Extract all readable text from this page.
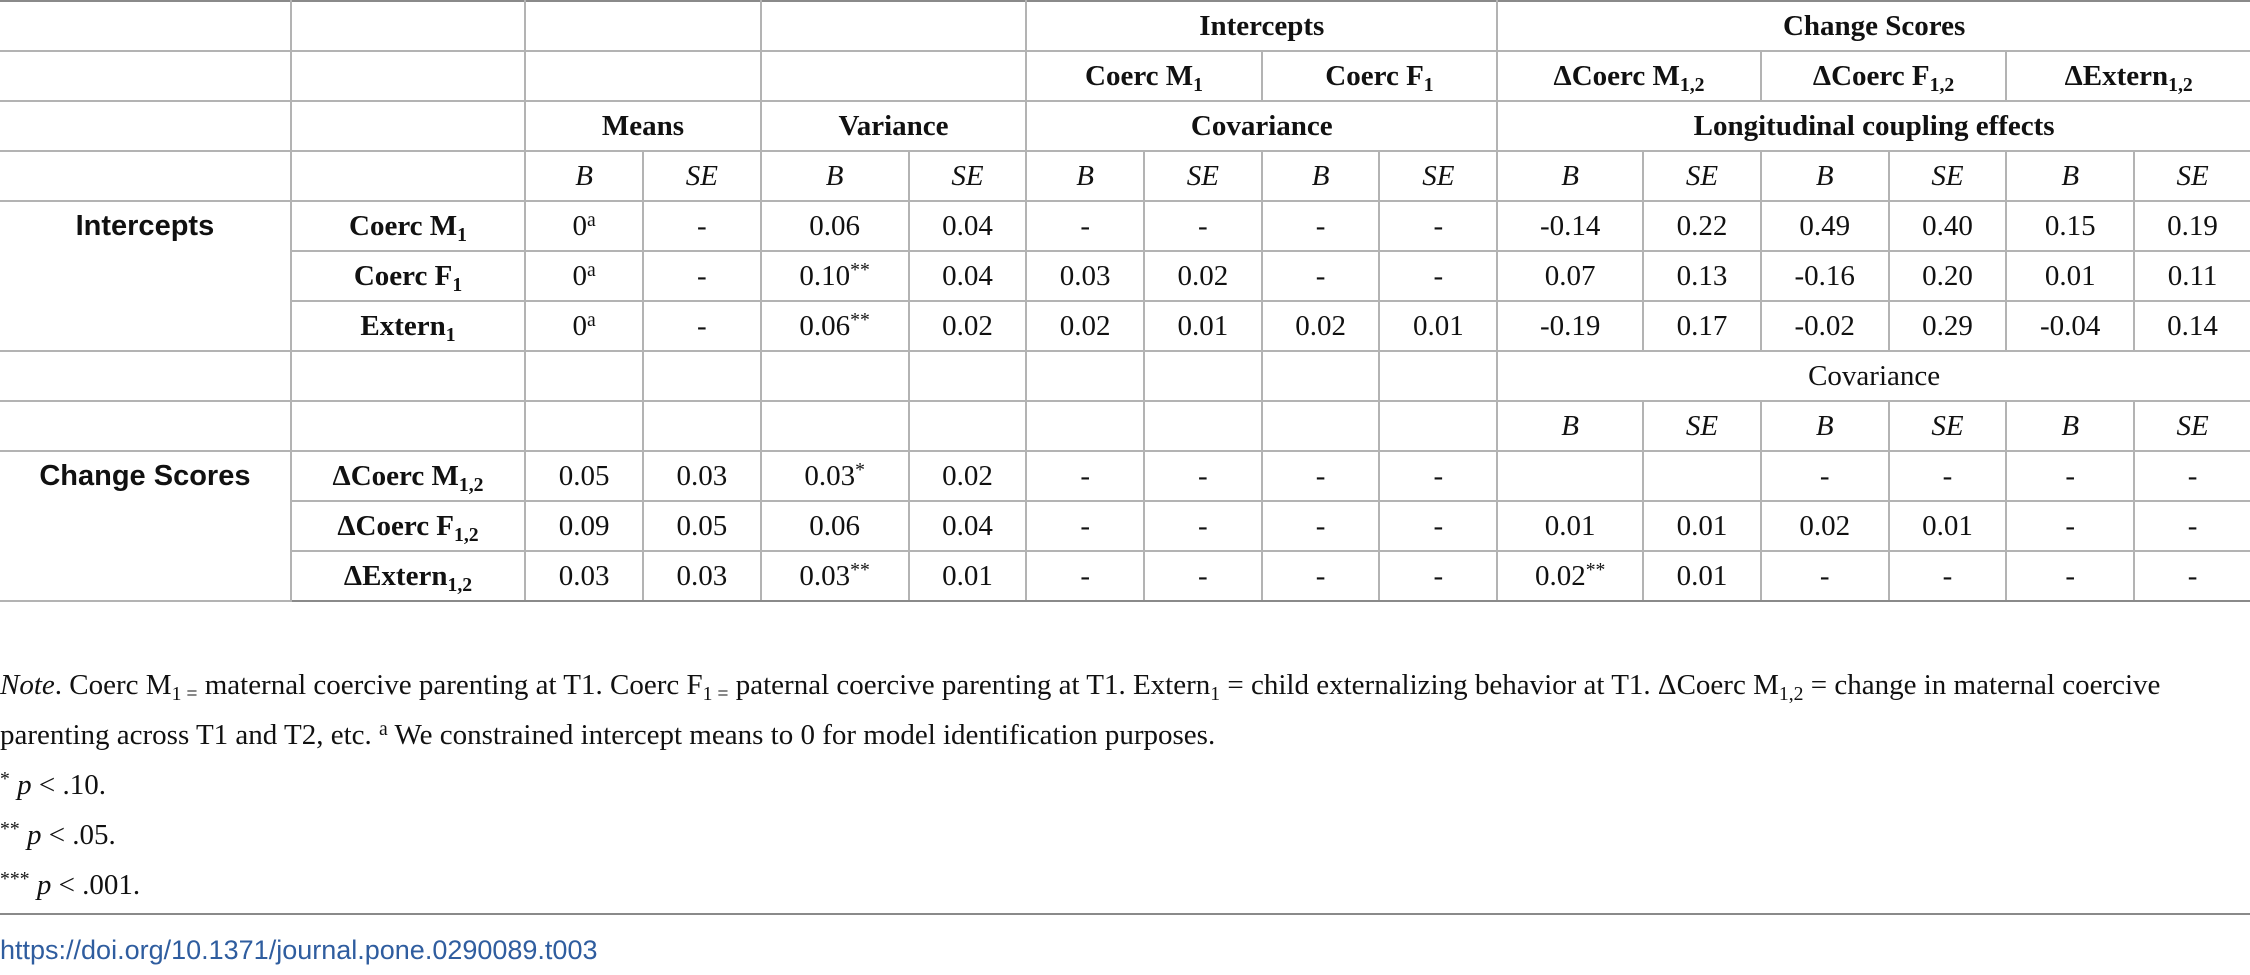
						Intercepts				Change Scores					
						Coerc $M_1$		Coerc $F_1$		ΔCoerc $M_{1,2}$		ΔCoerc $F_{1,2}$		ΔExtern$_{1,2}$
		Means		Variance		Covariance				Longitudinal coupling effects					
		B	SE	B	SE	B	SE	B	SE	B	SE	B	SE	B	SE
Intercepts	Coerc $M_1$	0$^a$	-	0.06	0.04	-	-	-	-	-0.14	0.22	0.49	0.40	0.15	0.19
	Coerc $F_1$	0$^a$	-	0.10**	0.04	0.03	0.02	-	-	0.07	0.13	-0.16	0.20	0.01	0.11
	Extern$_1$	0$^a$	-	0.06**	0.02	0.02	0.01	0.02	0.01	-0.19	0.17	-0.02	0.29	-0.04	0.14
										Covariance					
										B	SE	B	SE	B	SE
Change Scores	ΔCoerc $M_{1,2}$	0.05	0.03	0.03*	0.02	-	-	-	-			-	-	-	-
	ΔCoerc $F_{1,2}$	0.09	0.05	0.06	0.04	-	-	-	-	0.01	0.01	0.02	0.01	-	-
	ΔExtern$_{1,2}$	0.03	0.03	0.03**	0.01	-	-	-	-	0.02**	0.01	-	-	-	-

Note. Coerc $M_{1 =}$ maternal coercive parenting at T1. Coerc $F_{1 =}$ paternal coercive parenting at T1. Extern$_1$ = child externalizing behavior at T1. ΔCoerc $M_{1,2}$ = change in maternal coercive parenting across T1 and T2, etc. $^a$ We constrained intercept means to 0 for model identification purposes.

* p < .10.

** p < .05.

*** p < .001.

https://doi.org/10.1371/journal.pone.0290089.t003
